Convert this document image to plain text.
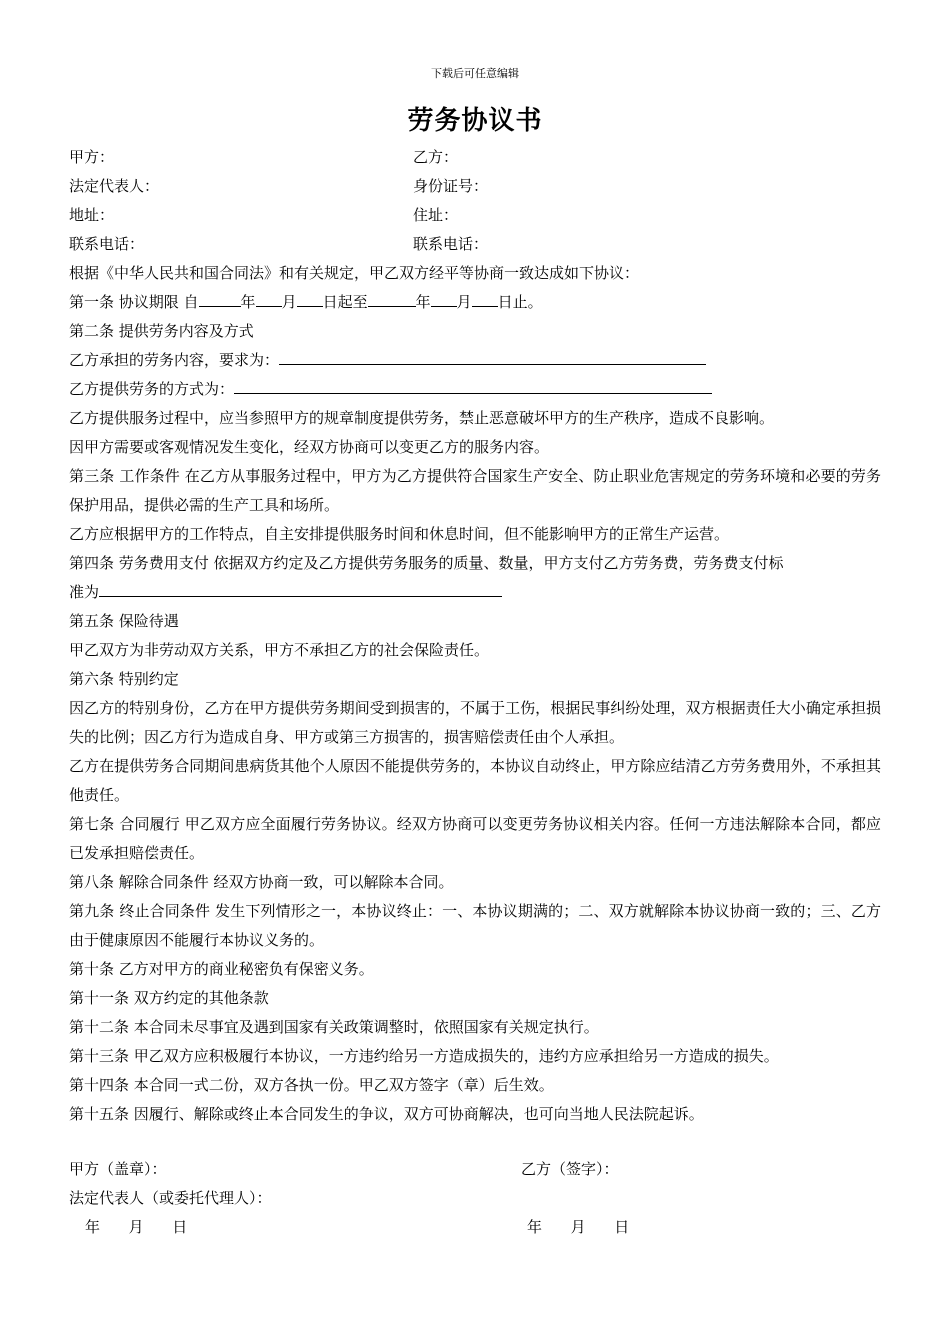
下载后可任意编辑
劳务协议书
甲方：	乙方：
法定代表人：	身份证号：
地址：	住址：
联系电话：	联系电话：
根据《中华人民共和国合同法》和有关规定，甲乙双方经平等协商一致达成如下协议：
第一条 协议期限 自	年 月 日起至	年 月 日止。
第二条 提供劳务内容及方式
乙方承担的劳务内容，要求为：
乙方提供劳务的方式为：
乙方提供服务过程中，应当参照甲方的规章制度提供劳务，禁止恶意破坏甲方的生产秩序，造成不良影响。
因甲方需要或客观情况发生变化，经双方协商可以变更乙方的服务内容。
第三条 工作条件 在乙方从事服务过程中，甲方为乙方提供符合国家生产安全、防止职业危害规定的劳务环境和必要的劳务保护用品，提供必需的生产工具和场所。
乙方应根据甲方的工作特点，自主安排提供服务时间和休息时间，但不能影响甲方的正常生产运营。
第四条 劳务费用支付 依据双方约定及乙方提供劳务服务的质量、数量，甲方支付乙方劳务费，劳务费支付标
准为
第五条 保险待遇
甲乙双方为非劳动双方关系，甲方不承担乙方的社会保险责任。
第六条 特别约定
因乙方的特别身份，乙方在甲方提供劳务期间受到损害的，不属于工伤，根据民事纠纷处理，双方根据责任大小确定承担损失的比例；因乙方行为造成自身、甲方或第三方损害的，损害赔偿责任由个人承担。
乙方在提供劳务合同期间患病货其他个人原因不能提供劳务的，本协议自动终止，甲方除应结清乙方劳务费用外，不承担其他责任。
第七条 合同履行 甲乙双方应全面履行劳务协议。经双方协商可以变更劳务协议相关内容。任何一方违法解除本合同，都应已发承担赔偿责任。
第八条 解除合同条件 经双方协商一致，可以解除本合同。
第九条 终止合同条件 发生下列情形之一，本协议终止：一、本协议期满的；二、双方就解除本协议协商一致的；三、乙方由于健康原因不能履行本协议义务的。
第十条 乙方对甲方的商业秘密负有保密义务。
第十一条 双方约定的其他条款
第十二条 本合同未尽事宜及遇到国家有关政策调整时，依照国家有关规定执行。
第十三条 甲乙双方应积极履行本协议，一方违约给另一方造成损失的，违约方应承担给另一方造成的损失。
第十四条 本合同一式二份，双方各执一份。甲乙双方签字（章）后生效。
第十五条 因履行、解除或终止本合同发生的争议，双方可协商解决，也可向当地人民法院起诉。
甲方（盖章）：	乙方（签字）：
法定代表人（或委托代理人）：
年      月      日	年      月      日
